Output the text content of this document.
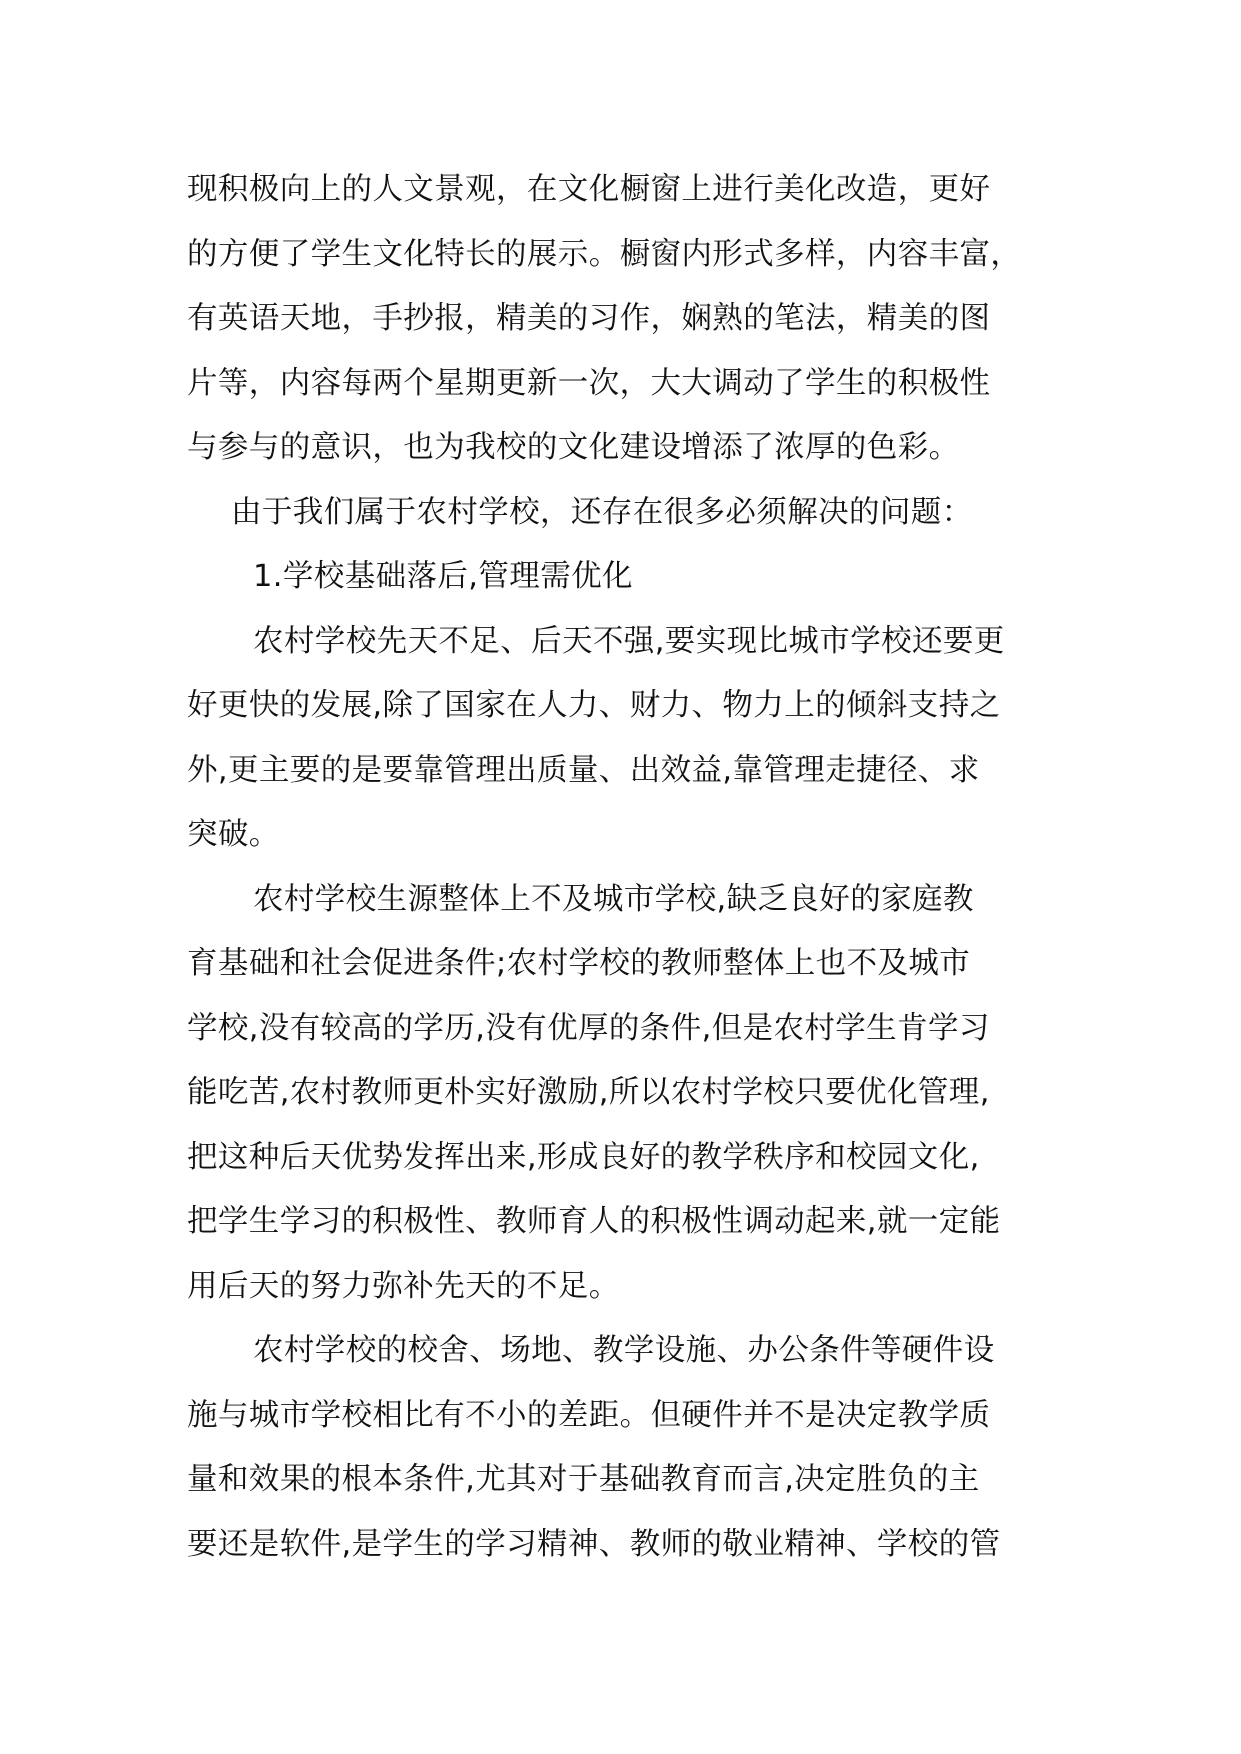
现积极向上的人文景观，在文化橱窗上进行美化改造，更好
的方便了学生文化特长的展示。橱窗内形式多样，内容丰富，
有英语天地，手抄报，精美的习作，娴熟的笔法，精美的图
片等，内容每两个星期更新一次，大大调动了学生的积极性
与参与的意识，也为我校的文化建设增添了浓厚的色彩。
由于我们属于农村学校，还存在很多必须解决的问题：
1.学校基础落后,管理需优化
农村学校先天不足、后天不强,要实现比城市学校还要更
好更快的发展,除了国家在人力、财力、物力上的倾斜支持之
外,更主要的是要靠管理出质量、出效益,靠管理走捷径、求
突破。
农村学校生源整体上不及城市学校,缺乏良好的家庭教
育基础和社会促进条件;农村学校的教师整体上也不及城市
学校,没有较高的学历,没有优厚的条件,但是农村学生肯学习
能吃苦,农村教师更朴实好激励,所以农村学校只要优化管理,
把这种后天优势发挥出来,形成良好的教学秩序和校园文化,
把学生学习的积极性、教师育人的积极性调动起来,就一定能
用后天的努力弥补先天的不足。
农村学校的校舍、场地、教学设施、办公条件等硬件设
施与城市学校相比有不小的差距。但硬件并不是决定教学质
量和效果的根本条件,尤其对于基础教育而言,决定胜负的主
要还是软件,是学生的学习精神、教师的敬业精神、学校的管
